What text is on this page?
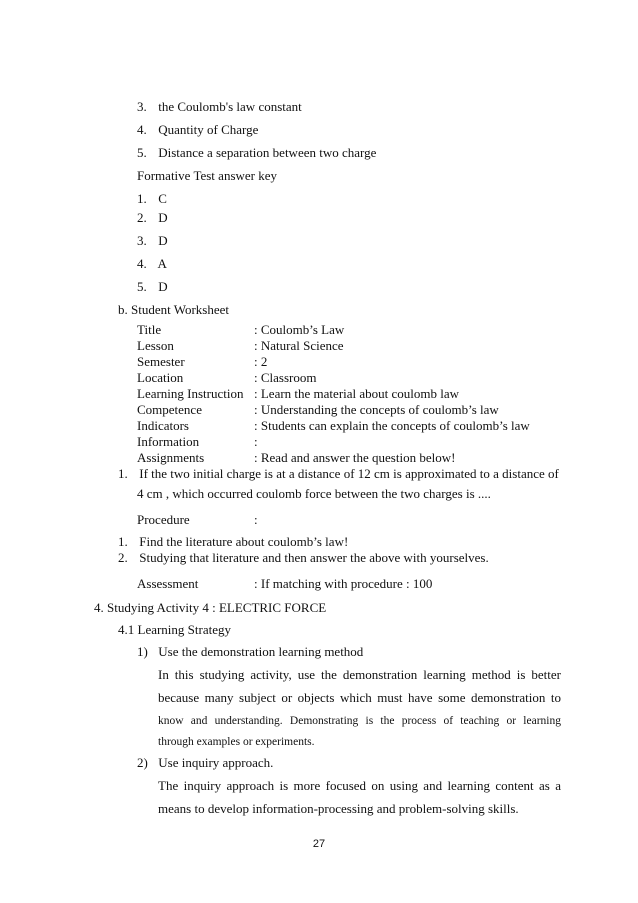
3. the Coulomb's law constant
4. Quantity of Charge
5. Distance a separation between two charge
Formative Test answer key
1. C
2. D
3. D
4. A
5. D
b. Student Worksheet
Title	: Coulomb’s Law
Lesson	: Natural Science
Semester	: 2
Location	: Classroom
Learning Instruction : Learn the material about coulomb law
Competence	: Understanding the concepts of coulomb’s law
Indicators	: Students can explain the concepts of coulomb’s law
Information	:
Assignments	: Read and answer the question below!
1. If the two initial charge is at a distance of 12 cm is approximated to a distance of
4 cm , which occurred coulomb force between the two charges is ....
Procedure	:
1. Find the literature about coulomb’s law!
2. Studying that literature and then answer the above with yourselves.
Assessment	: If matching with procedure : 100
4. Studying Activity 4 : ELECTRIC FORCE
4.1 Learning Strategy
1) Use the demonstration learning method
In this studying activity, use the demonstration learning method is better
because many subject or objects which must have some demonstration to
know and understanding. Demonstrating is the process of teaching or learning
through examples or experiments.
2) Use inquiry approach.
The inquiry approach is more focused on using and learning content as a
means to develop information-processing and problem-solving skills.
27
